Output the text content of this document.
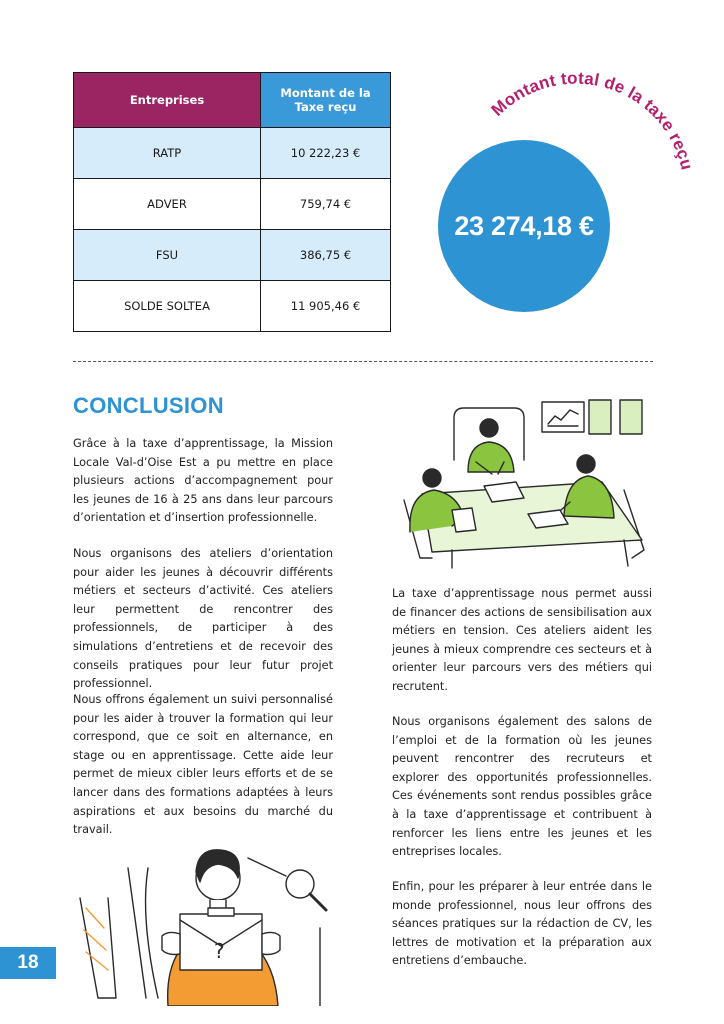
Entreprises	Montant de la Taxe reçu
RATP	10 222,23 €
ADVER	759,74 €
FSU	386,75 €
SOLDE SOLTEA	11 905,46 €
Montant total de la taxe reçu
23 274,18 €
CONCLUSION

Grâce à la taxe d’apprentissage, la Mission Locale Val-d’Oise Est a pu mettre en place plusieurs actions d’accompagnement pour les jeunes de 16 à 25 ans dans leur parcours d’orientation et d’insertion professionnelle.

Nous organisons des ateliers d’orientation pour aider les jeunes à découvrir différents métiers et secteurs d’activité. Ces ateliers leur permettent de rencontrer des professionnels, de participer à des simulations d’entretiens et de recevoir des conseils pratiques pour leur futur projet professionnel.

Nous offrons également un suivi personnalisé pour les aider à trouver la formation qui leur correspond, que ce soit en alternance, en stage ou en apprentissage. Cette aide leur permet de mieux cibler leurs efforts et de se lancer dans des formations adaptées à leurs aspirations et aux besoins du marché du travail.

La taxe d’apprentissage nous permet aussi de financer des actions de sensibilisation aux métiers en tension. Ces ateliers aident les jeunes à mieux comprendre ces secteurs et à orienter leur parcours vers des métiers qui recrutent.

Nous organisons également des salons de l’emploi et de la formation où les jeunes peuvent rencontrer des recruteurs et explorer des opportunités professionnelles. Ces événements sont rendus possibles grâce à la taxe d’apprentissage et contribuent à renforcer les liens entre les jeunes et les entreprises locales.

Enfin, pour les préparer à leur entrée dans le monde professionnel, nous leur offrons des séances pratiques sur la rédaction de CV, les lettres de motivation et la préparation aux entretiens d’embauche.

?
18
